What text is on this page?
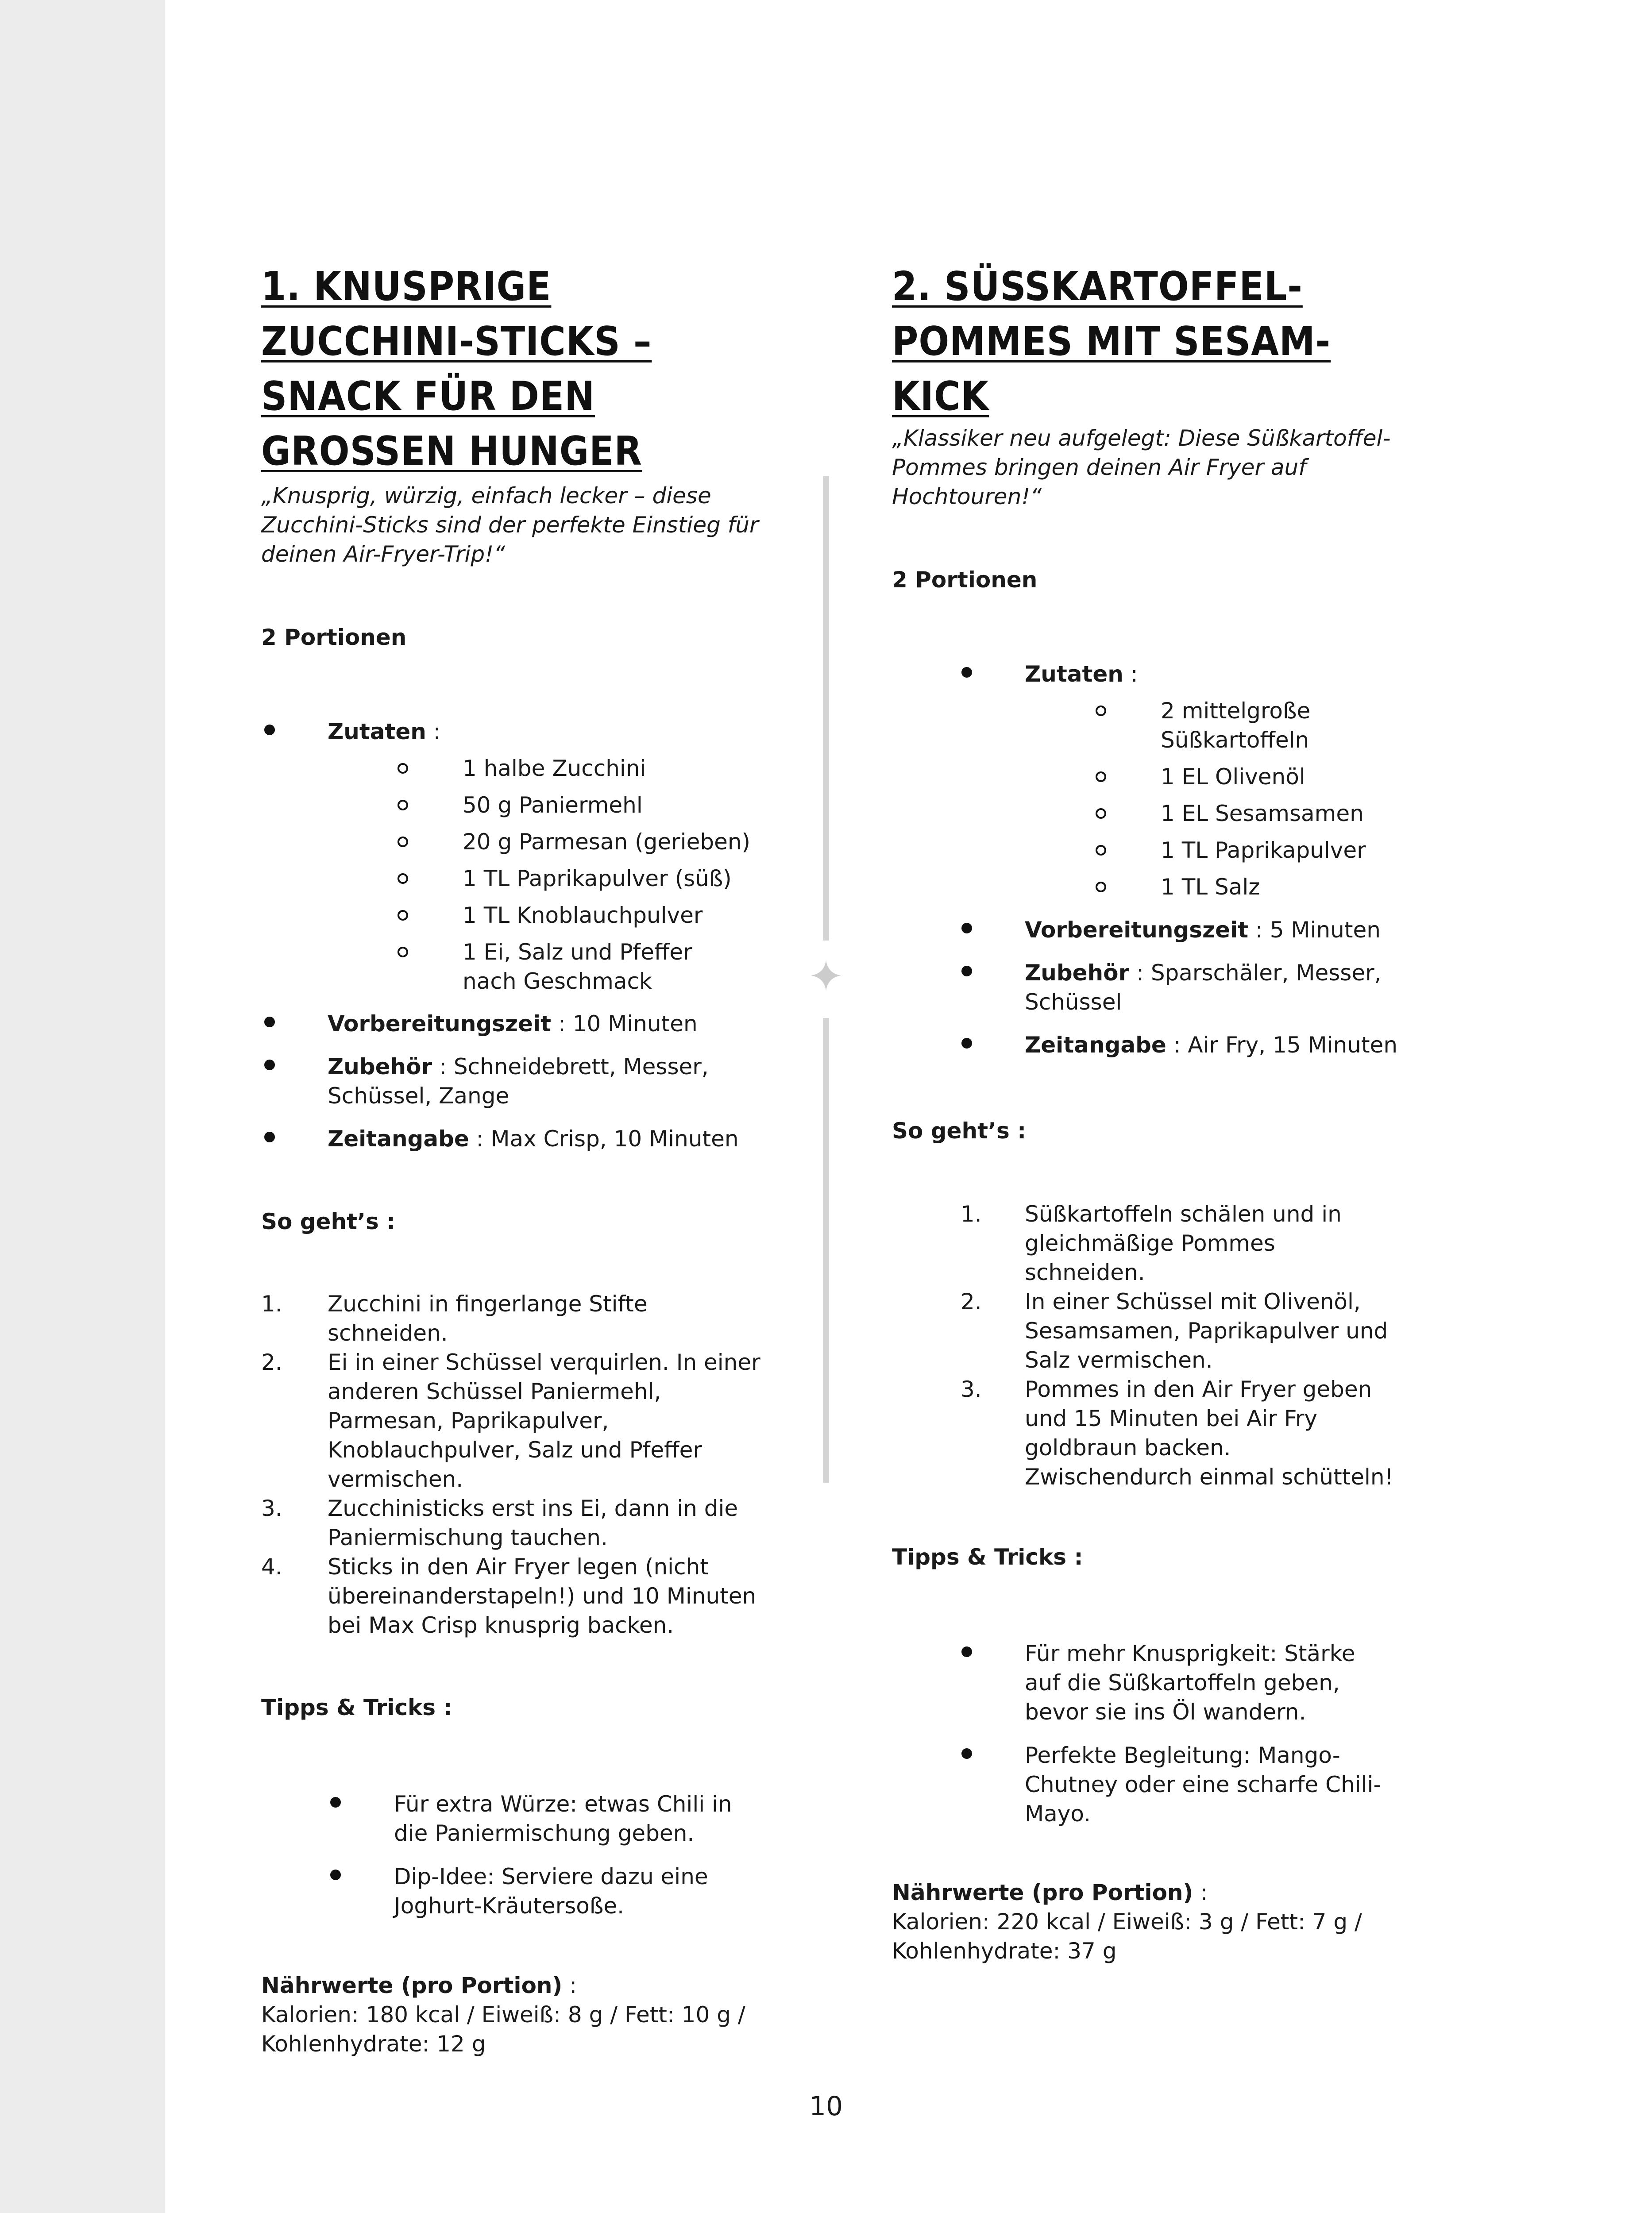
1. KNUSPRIGE ZUCCHINI-STICKS – SNACK FÜR DEN GROSSEN HUNGER

„Knusprig, würzig, einfach lecker – diese Zucchini-Sticks sind der perfekte Einstieg für deinen Air-Fryer-Trip!“

2 Portionen

Zutaten :
1 halbe Zucchini
50 g Paniermehl
20 g Parmesan (gerieben)
1 TL Paprikapulver (süß)
1 TL Knoblauchpulver
1 Ei, Salz und Pfeffer nach Geschmack
Vorbereitungszeit : 10 Minuten
Zubehör : Schneidebrett, Messer, Schüssel, Zange
Zeitangabe : Max Crisp, 10 Minuten

So geht’s :

1. Zucchini in fingerlange Stifte schneiden.
2. Ei in einer Schüssel verquirlen. In einer anderen Schüssel Paniermehl, Parmesan, Paprikapulver, Knoblauchpulver, Salz und Pfeffer vermischen.
3. Zucchinisticks erst ins Ei, dann in die Paniermischung tauchen.
4. Sticks in den Air Fryer legen (nicht übereinanderstapeln!) und 10 Minuten bei Max Crisp knusprig backen.

Tipps & Tricks :

Für extra Würze: etwas Chili in die Paniermischung geben.
Dip-Idee: Serviere dazu eine Joghurt-Kräutersoße.

Nährwerte (pro Portion) :
Kalorien: 180 kcal / Eiweiß: 8 g / Fett: 10 g / Kohlenhydrate: 12 g

2. SÜSSKARTOFFEL-POMMES MIT SESAM-KICK

„Klassiker neu aufgelegt: Diese Süßkartoffel-Pommes bringen deinen Air Fryer auf Hochtouren!“

2 Portionen

Zutaten :
2 mittelgroße Süßkartoffeln
1 EL Olivenöl
1 EL Sesamsamen
1 TL Paprikapulver
1 TL Salz
Vorbereitungszeit : 5 Minuten
Zubehör : Sparschäler, Messer, Schüssel
Zeitangabe : Air Fry, 15 Minuten

So geht’s :

1. Süßkartoffeln schälen und in gleichmäßige Pommes schneiden.
2. In einer Schüssel mit Olivenöl, Sesamsamen, Paprikapulver und Salz vermischen.
3. Pommes in den Air Fryer geben und 15 Minuten bei Air Fry goldbraun backen. Zwischendurch einmal schütteln!

Tipps & Tricks :

Für mehr Knusprigkeit: Stärke auf die Süßkartoffeln geben, bevor sie ins Öl wandern.
Perfekte Begleitung: Mango-Chutney oder eine scharfe Chili-Mayo.

Nährwerte (pro Portion) :
Kalorien: 220 kcal / Eiweiß: 3 g / Fett: 7 g / Kohlenhydrate: 37 g

10
